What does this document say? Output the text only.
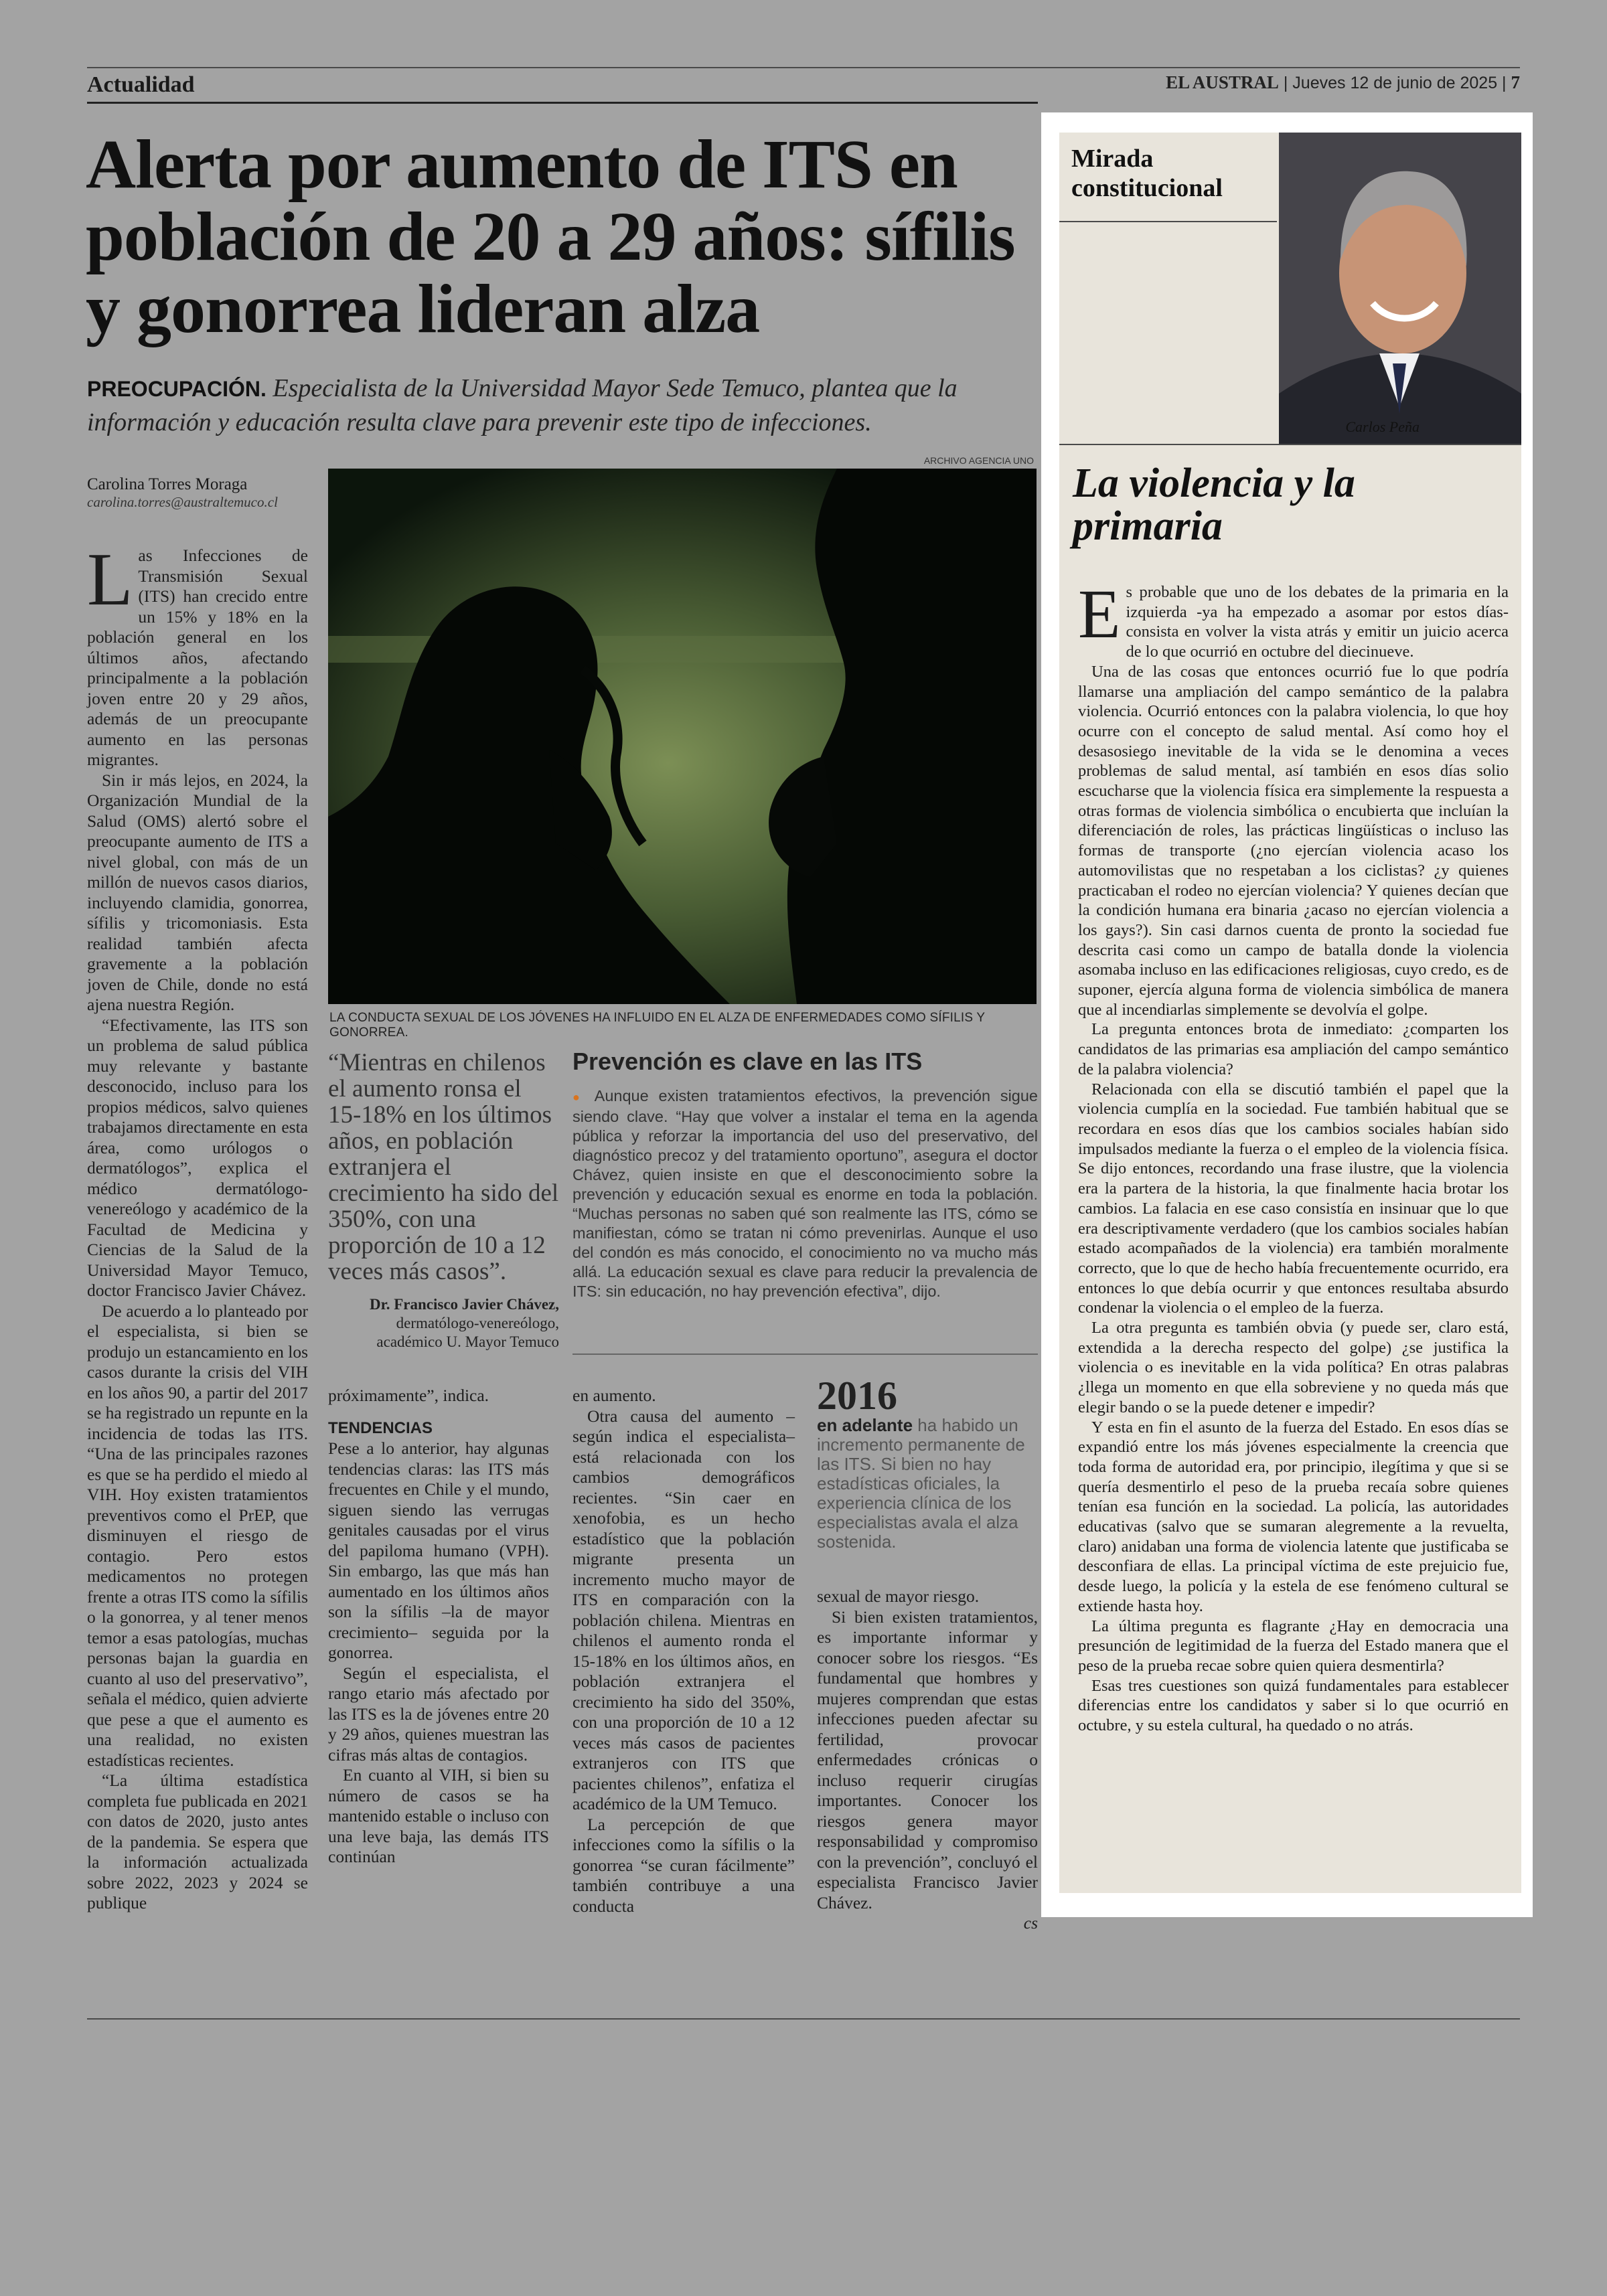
Actualidad	EL AUSTRAL | Jueves 12 de junio de 2025 | 7
Alerta por aumento de ITS en población de 20 a 29 años: sífilis y gonorrea lideran alza
PREOCUPACIÓN. Especialista de la Universidad Mayor Sede Temuco, plantea que la información y educación resulta clave para prevenir este tipo de infecciones.
Carolina Torres Moraga
carolina.torres@australtemuco.cl

Las Infecciones de Transmisión Sexual (ITS) han crecido entre un 15% y 18% en la población general en los últimos años, afectando principalmente a la población joven entre 20 y 29 años, además de un preocupante aumento en las personas migrantes.

Sin ir más lejos, en 2024, la Organización Mundial de la Salud (OMS) alertó sobre el preocupante aumento de ITS a nivel global, con más de un millón de nuevos casos diarios, incluyendo clamidia, gonorrea, sífilis y tricomoniasis. Esta realidad también afecta gravemente a la población joven de Chile, donde no está ajena nuestra Región.

“Efectivamente, las ITS son un problema de salud pública muy relevante y bastante desconocido, incluso para los propios médicos, salvo quienes trabajamos directamente en esta área, como urólogos o dermatólogos”, explica el médico dermatólogo-venereólogo y académico de la Facultad de Medicina y Ciencias de la Salud de la Universidad Mayor Temuco, doctor Francisco Javier Chávez.

De acuerdo a lo planteado por el especialista, si bien se produjo un estancamiento en los casos durante la crisis del VIH en los años 90, a partir del 2017 se ha registrado un repunte en la incidencia de todas las ITS. “Una de las principales razones es que se ha perdido el miedo al VIH. Hoy existen tratamientos preventivos como el PrEP, que disminuyen el riesgo de contagio. Pero estos medicamentos no protegen frente a otras ITS como la sífilis o la gonorrea, y al tener menos temor a esas patologías, muchas personas bajan la guardia en cuanto al uso del preservativo”, señala el médico, quien advierte que pese a que el aumento es una realidad, no existen estadísticas recientes.

“La última estadística completa fue publicada en 2021 con datos de 2020, justo antes de la pandemia. Se espera que la información actualizada sobre 2022, 2023 y 2024 se publique

ARCHIVO AGENCIA UNO
LA CONDUCTA SEXUAL DE LOS JÓVENES HA INFLUIDO EN EL ALZA DE ENFERMEDADES COMO SÍFILIS Y GONORREA.
“Mientras en chilenos el aumento ronsa el 15-18% en los últimos años, en población extranjera el crecimiento ha sido del 350%, con una proporción de 10 a 12 veces más casos”.
Dr. Francisco Javier Chávez,
dermatólogo-venereólogo,
académico U. Mayor Temuco
Prevención es clave en las ITS
● Aunque existen tratamientos efectivos, la prevención sigue siendo clave. “Hay que volver a instalar el tema en la agenda pública y reforzar la importancia del uso del preservativo, del diagnóstico precoz y del tratamiento oportuno”, asegura el doctor Chávez, quien insiste en que el desconocimiento sobre la prevención y educación sexual es enorme en toda la población. “Muchas personas no saben qué son realmente las ITS, cómo se manifiestan, cómo se tratan ni cómo prevenirlas. Aunque el uso del condón es más conocido, el conocimiento no va mucho más allá. La educación sexual es clave para reducir la prevalencia de ITS: sin educación, no hay prevención efectiva”, dijo.

próximamente”, indica.

TENDENCIAS

Pese a lo anterior, hay algunas tendencias claras: las ITS más frecuentes en Chile y el mundo, siguen siendo las verrugas genitales causadas por el virus del papiloma humano (VPH). Sin embargo, las que más han aumentado en los últimos años son la sífilis –la de mayor crecimiento– seguida por la gonorrea.

Según el especialista, el rango etario más afectado por las ITS es la de jóvenes entre 20 y 29 años, quienes muestran las cifras más altas de contagios.

En cuanto al VIH, si bien su número de casos se ha mantenido estable o incluso con una leve baja, las demás ITS continúan

en aumento.

Otra causa del aumento –según indica el especialista– está relacionada con los cambios demográficos recientes. “Sin caer en xenofobia, es un hecho estadístico que la población migrante presenta un incremento mucho mayor de ITS en comparación con la población chilena. Mientras en chilenos el aumento ronda el 15-18% en los últimos años, en población extranjera el crecimiento ha sido del 350%, con una proporción de 10 a 12 veces más casos de pacientes extranjeros con ITS que pacientes chilenos”, enfatiza el académico de la UM Temuco.

La percepción de que infecciones como la sífilis o la gonorrea “se curan fácilmente” también contribuye a una conducta

2016
en adelante ha habido un incremento permanente de las ITS. Si bien no hay estadísticas oficiales, la experiencia clínica de los especialistas avala el alza sostenida.

sexual de mayor riesgo.

Si bien existen tratamientos, es importante informar y conocer sobre los riesgos. “Es fundamental que hombres y mujeres comprendan que estas infecciones pueden afectar su fertilidad, provocar enfermedades crónicas o incluso requerir cirugías importantes. Conocer los riesgos genera mayor responsabilidad y compromiso con la prevención”, concluyó el especialista Francisco Javier Chávez.

cs

Mirada constitucional
Carlos Peña
La violencia y la primaria

Es probable que uno de los debates de la primaria en la izquierda -ya ha empezado a asomar por estos días- consista en volver la vista atrás y emitir un juicio acerca de lo que ocurrió en octubre del diecinueve.

Una de las cosas que entonces ocurrió fue lo que podría llamarse una ampliación del campo semántico de la palabra violencia. Ocurrió entonces con la palabra violencia, lo que hoy ocurre con el concepto de salud mental. Así como hoy el desasosiego inevitable de la vida se le denomina a veces problemas de salud mental, así también en esos días solio escucharse que la violencia física era simplemente la respuesta a otras formas de violencia simbólica o encubierta que incluían la diferenciación de roles, las prácticas lingüísticas o incluso las formas de transporte (¿no ejercían violencia acaso los automovilistas que no respetaban a los ciclistas? ¿y quienes practicaban el rodeo no ejercían violencia? Y quienes decían que la condición humana era binaria ¿acaso no ejercían violencia a los gays?). Sin casi darnos cuenta de pronto la sociedad fue descrita casi como un campo de batalla donde la violencia asomaba incluso en las edificaciones religiosas, cuyo credo, es de suponer, ejercía alguna forma de violencia simbólica de manera que al incendiarlas simplemente se devolvía el golpe.

La pregunta entonces brota de inmediato: ¿comparten los candidatos de las primarias esa ampliación del campo semántico de la palabra violencia?

Relacionada con ella se discutió también el papel que la violencia cumplía en la sociedad. Fue también habitual que se recordara en esos días que los cambios sociales habían sido impulsados mediante la fuerza o el empleo de la violencia física. Se dijo entonces, recordando una frase ilustre, que la violencia era la partera de la historia, la que finalmente hacia brotar los cambios. La falacia en ese caso consistía en insinuar que lo que era descriptivamente verdadero (que los cambios sociales habían estado acompañados de la violencia) era también moralmente correcto, que lo que de hecho había frecuentemente ocurrido, era entonces lo que debía ocurrir y que entonces resultaba absurdo condenar la violencia o el empleo de la fuerza.

La otra pregunta es también obvia (y puede ser, claro está, extendida a la derecha respecto del golpe) ¿se justifica la violencia o es inevitable en la vida política? En otras palabras ¿llega un momento en que ella sobreviene y no queda más que elegir bando o se la puede detener e impedir?

Y esta en fin el asunto de la fuerza del Estado. En esos días se expandió entre los más jóvenes especialmente la creencia que toda forma de autoridad era, por principio, ilegítima y que si se quería desmentirlo el peso de la prueba recaía sobre quienes tenían esa función en la sociedad. La policía, las autoridades educativas (salvo que se sumaran alegremente a la revuelta, claro) anidaban una forma de violencia latente que justificaba se desconfiara de ellas. La principal víctima de este prejuicio fue, desde luego, la policía y la estela de ese fenómeno cultural se extiende hasta hoy.

La última pregunta es flagrante ¿Hay en democracia una presunción de legitimidad de la fuerza del Estado manera que el peso de la prueba recae sobre quien quiera desmentirla?

Esas tres cuestiones son quizá fundamentales para establecer diferencias entre los candidatos y saber si lo que ocurrió en octubre, y su estela cultural, ha quedado o no atrás.
